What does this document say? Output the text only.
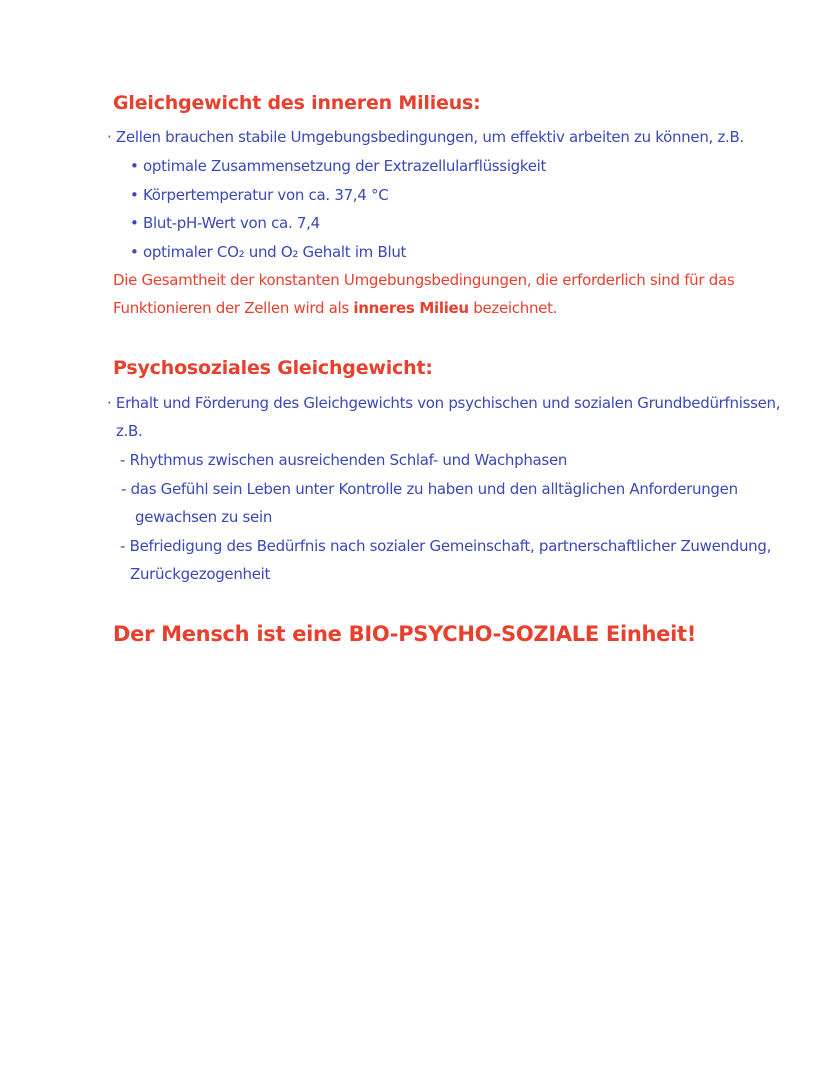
Gleichgewicht des inneren Milieus:
· Zellen brauchen stabile Umgebungsbedingungen, um effektiv arbeiten zu können, z.B.
• optimale Zusammensetzung der Extrazellularflüssigkeit
• Körpertemperatur von ca. 37,4 °C
• Blut-pH-Wert von ca. 7,4
• optimaler CO₂ und O₂ Gehalt im Blut
Die Gesamtheit der konstanten Umgebungsbedingungen, die erforderlich sind für das
Funktionieren der Zellen wird als inneres Milieu bezeichnet.
Psychosoziales Gleichgewicht:
· Erhalt und Förderung des Gleichgewichts von psychischen und sozialen Grundbedürfnissen,
z.B.
- Rhythmus zwischen ausreichenden Schlaf- und Wachphasen
- das Gefühl sein Leben unter Kontrolle zu haben und den alltäglichen Anforderungen
gewachsen zu sein
- Befriedigung des Bedürfnis nach sozialer Gemeinschaft, partnerschaftlicher Zuwendung,
Zurückgezogenheit
Der Mensch ist eine BIO-PSYCHO-SOZIALE Einheit!
